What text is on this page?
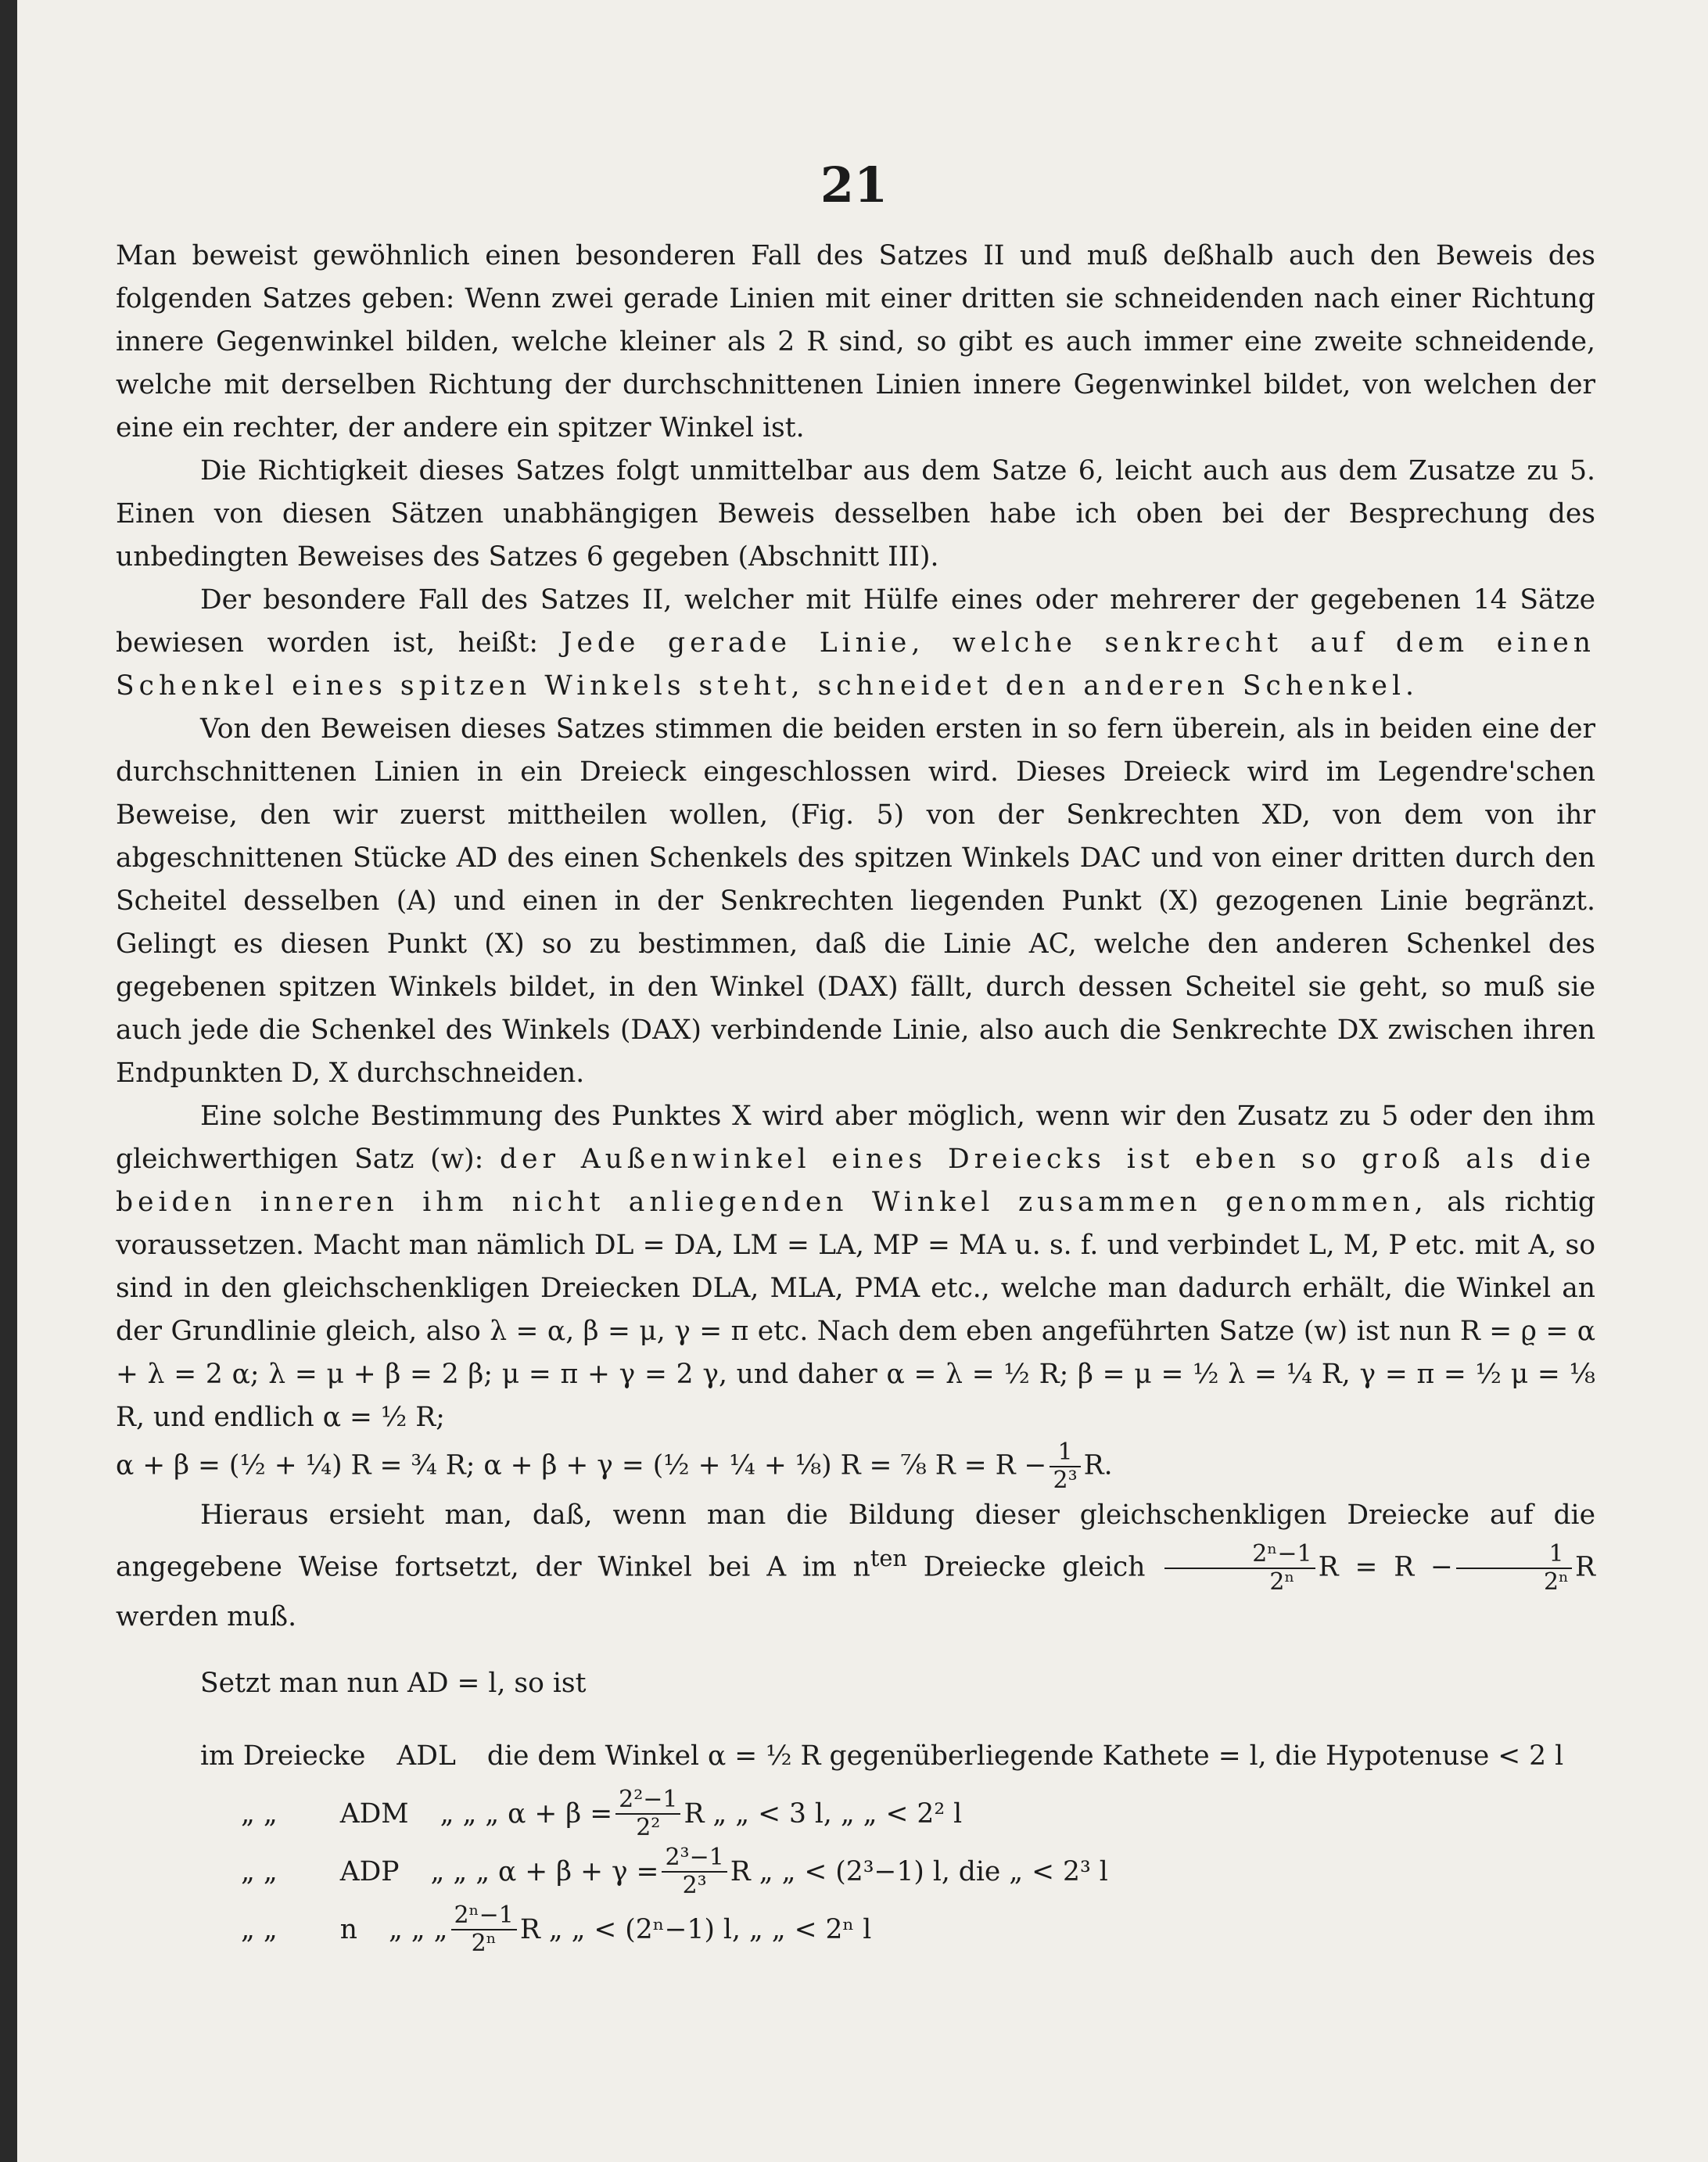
21

Man beweist gewöhnlich einen besonderen Fall des Satzes II und muß deßhalb auch den Beweis des folgenden Satzes geben: Wenn zwei gerade Linien mit einer dritten sie schneidenden nach einer Richtung innere Gegenwinkel bilden, welche kleiner als 2 R sind, so gibt es auch immer eine zweite schneidende, welche mit derselben Richtung der durchschnittenen Linien innere Gegenwinkel bildet, von welchen der eine ein rechter, der andere ein spitzer Winkel ist.

Die Richtigkeit dieses Satzes folgt unmittelbar aus dem Satze 6, leicht auch aus dem Zusatze zu 5. Einen von diesen Sätzen unabhängigen Beweis desselben habe ich oben bei der Besprechung des unbedingten Beweises des Satzes 6 gegeben (Abschnitt III).

Der besondere Fall des Satzes II, welcher mit Hülfe eines oder mehrerer der gegebenen 14 Sätze bewiesen worden ist, heißt: Jede gerade Linie, welche senkrecht auf dem einen Schenkel eines spitzen Winkels steht, schneidet den anderen Schenkel.

Von den Beweisen dieses Satzes stimmen die beiden ersten in so fern überein, als in beiden eine der durchschnittenen Linien in ein Dreieck eingeschlossen wird. Dieses Dreieck wird im Legendre'schen Beweise, den wir zuerst mittheilen wollen, (Fig. 5) von der Senkrechten XD, von dem von ihr abgeschnittenen Stücke AD des einen Schenkels des spitzen Winkels DAC und von einer dritten durch den Scheitel desselben (A) und einen in der Senkrechten liegenden Punkt (X) gezogenen Linie begränzt. Gelingt es diesen Punkt (X) so zu bestimmen, daß die Linie AC, welche den anderen Schenkel des gegebenen spitzen Winkels bildet, in den Winkel (DAX) fällt, durch dessen Scheitel sie geht, so muß sie auch jede die Schenkel des Winkels (DAX) verbindende Linie, also auch die Senkrechte DX zwischen ihren Endpunkten D, X durchschneiden.

Eine solche Bestimmung des Punktes X wird aber möglich, wenn wir den Zusatz zu 5 oder den ihm gleichwerthigen Satz (w): der Außenwinkel eines Dreiecks ist eben so groß als die beiden inneren ihm nicht anliegenden Winkel zusammen genommen, als richtig voraussetzen. Macht man nämlich DL = DA, LM = LA, MP = MA u. s. f. und verbindet L, M, P etc. mit A, so sind in den gleichschenkligen Dreiecken DLA, MLA, PMA etc., welche man dadurch erhält, die Winkel an der Grundlinie gleich, also λ = α, β = μ, γ = π etc. Nach dem eben angeführten Satze (w) ist nun R = ϱ = α + λ = 2 α; λ = μ + β = 2 β; μ = π + γ = 2 γ, und daher α = λ = ½ R; β = μ = ½ λ = ¼ R, γ = π = ½ μ = ⅛ R, und endlich α = ½ R;

α + β = (½ + ¼) R = ¾ R; α + β + γ = (½ + ¼ + ⅛) R = ⅞ $R = R - \frac{1}{\text{2³}} R$.

Hieraus ersieht man, daß, wenn man die Bildung dieser gleichschenkligen Dreiecke auf die angegebene Weise fortsetzt, der Winkel bei A im $n^{ten}$ Dreiecke gleich $\frac{\text{2ⁿ−1}}{\text{2ⁿ}}$ $R = R - \frac{1}{\text{2ⁿ}}$ R werden muß.

Setzt man nun AD = l, so ist

im Dreiecke ADL die dem Winkel α = ½ R gegenüberliegende Kathete = l, die Hypotenuse < 2 l
„ „ ADM „ „ „ $\alpha + \beta = \frac{\text{2²−1}}{\text{2²}}$ R „ „ < 3 l, „ „ < 2² l
„ „ ADP „ „ „ $\alpha + \beta + \gamma = \frac{\text{2³−1}}{\text{2³}}$ R „ „ < (2³−1) l, die „ < 2³ l
„ „ n „ „ „ $\frac{\text{2ⁿ−1}}{\text{2ⁿ}}$ R „ „ < (2ⁿ−1) l, „ „ < 2ⁿ l
